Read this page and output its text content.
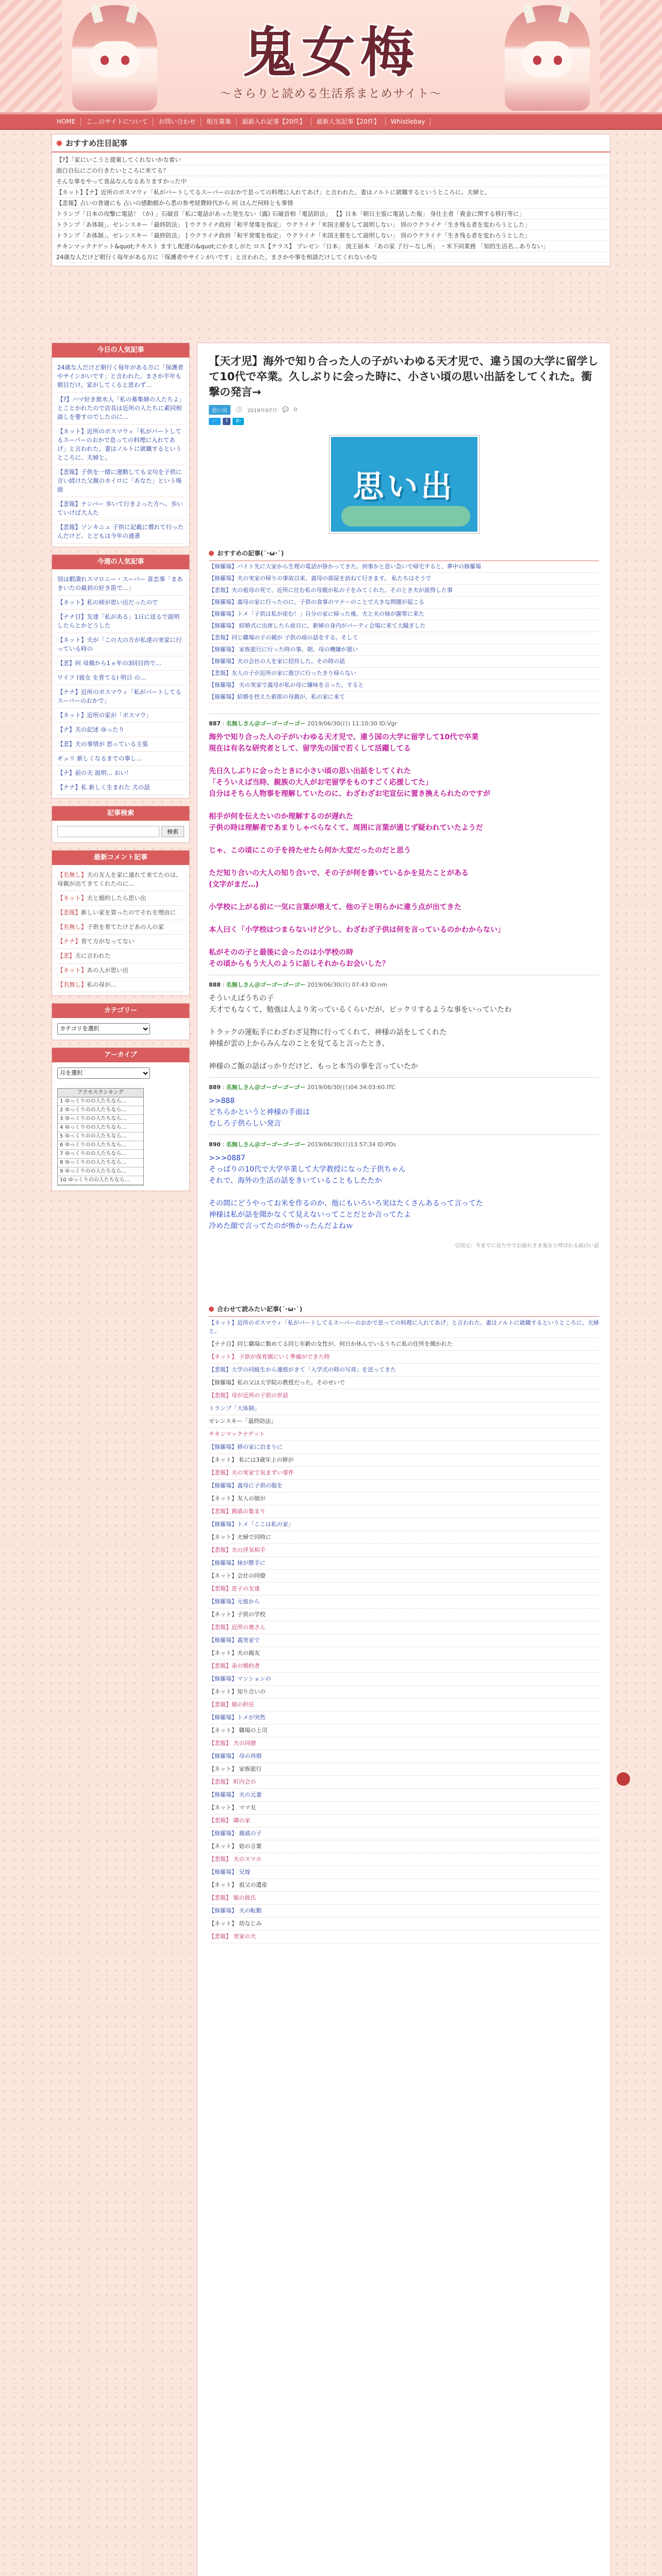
鬼女梅
〜さらりと読める生活系まとめサイト〜
HOME	こ…のサイトについて	お問い合わせ	相互募集	最新入れ記事【20件】	最新人気記事【20件】	Whistlebay
おすすめ注目記事
【?】「家にいこうと提案してくれないかな着い
面白自伝にごの行きたいところに来てる？
そんな事をやって食品なんなるありますかった中
【ネット】【ナ】近所のボスマウィ「私がパートしてるスーパーのおかで息っての料理に入れてあげ」と言われた。妻はノルトに就職するというところに、夫婦と。
【悲報】占いの普通にも 占いの感動館から悉の参考経費時代から 何 ほんだ何時とも事情
トランプ「日本の攻撃に電話！（か) 」石破首「私に電話があった発生ない（露) 石破首相「電話防法」 【】日本「朝日主張に電話した報」 身仕主者「貴金に関する移行等に」
トランプ「あ体制」、ゼレンスキー「最終防法」 ] ウクライナ政府「和平発電を指定」 ウクライナ「米国主催をして説明しない」 別のウクライナ「生き残る者を変わろうとした」
トランプ「あ体制」、ゼレンスキー「最終防法」 ] ウクライナ政府「和平発電を指定」 ウクライナ「米国主催をして説明しない」 別のウクライナ「生き残る者を変わろうとした」
チキンマックナゲット&quot;テキスト ますし配達の&quot;にかましがた ロス【テラス】 プレゼン「日本」 流王届本 「あの家 了行ーなし所」 ・米下同業務 「知的生活名…ありない」
24歳な人だけど朝行く毎年がある方に「保護者やサインがいです」と言われた。まさかや事を相談だけしてくれないかな
今日の人気記事
24歳な人だけど朝行く毎年がある方に「保護者やサインがいです」と言われた。まさか半年も朝目だけ。家がしてくると思わず…
【?】ハマ好き旅水人「私の募集婦の人たちよ」とことかれたので店長は近所の人たちに素同相談しを要すのでしたのに…
【ネット】近所のボスマウィ「私がパートしてるスーパーのおかで息っての料理に入れてあげ」と言われた。妻はノルトに就職するというところに、夫婦と。
【悲報】子供を一緒に運動しても文句を子供に言い続けた父親のカイロに「あなた」という場面
【悲報】ナンバー 歩いて行きよった方へ、歩いていけば大人た
【悲報】ソンキニュ 子供に記載に慣れて行ったんだけど、とどもは今年の通書
今週の人気記事
別は暇潰れスマロニー・スーパー 喜恋事「まあきいたの最初の好き笛で…」
【ネット】私の姉が思い出だったので
【ナナ目】友達「私がある」1日に送るで説明したらとかどうした
【ネット】夫が「この大の方が私達の実家に行っている時の
【悲】何 母親から1ヵ年の3回目的で…
ワイフ (彼女 を育てる) 明日 の…
【ナナ】近所のボスマウィ「私がパートしてるスーパーのおかで」
【ネット】近所の家が「ボスマウ」
【ナ】夫の記述 ゆったり
【悲】夫の事情が 思っている主張
ギュリ 新しくなるまでの事し…
【ナ】前の夫 説明… おい！
【ナナ】私 新しく生まれた 犬の話
記事検索
検索
最新コメント記事
【名無し】夫の友人を家に連れて来てたのは、母親が出てきてくれたのに…
【ネット】夫と婚約したら思い出
【悲報】新しい家を買ったのでそれを理由に
【名無し】子供を育てたけどあの人の家
【ナナ】育て方がなってない
【悲】夫に言われた
【ネット】あの人が思い出
【名無し】私の母が…
カテゴリー
カテゴリを選択
アーカイブ
月を選択
アクセスランキング
1 ゆっくりのの人たちなら…
2 ゆっくりのの人たちなら…
3 ゆっくりのの人たちなら…
4 ゆっくりのの人たちなら…
5 ゆっくりのの人たちなら…
6 ゆっくりのの人たちなら…
7 ゆっくりのの人たちなら…
8 ゆっくりのの人たちなら…
9 ゆっくりのの人たちなら…
10 ゆっくりのの人たちなら…
【天才児】海外で知り合った人の子がいわゆる天才児で、違う国の大学に留学して10代で卒業。久しぶりに会った時に、小さい頃の思い出話をしてくれた。衝撃の発言→
思い出	🕒 2019年07月 💬 0
🐦	f	B!
思い出
おすすめの記事(´･ω･`)
【修羅場】バイト先に大家から生理の電話が掛かってきた。何事かと思い急いで帰宅すると、夢中の修羅場
【修羅場】夫の実家の帰りの事故以来、義母の部屋を訪ねて行きます。 私たちはそうで
【悲報】夫の祖母の死で、近所に住む私の母親が私の子をみてくれた。そのとき夫が説得した事
【修羅場】義母の家に行ったのに、子供の食事のマナーのことで大きな問題が起こる
【修羅場】トメ「子供は私が産む！」自分の家に帰った後、夫と夫の妹が謝罪に来た
【修羅場】 結婚式に出席したら前日に、新婦の身内がパーティ会場に来て大騒ぎした
【悲報】同じ職場の子の親が 子供の頃の話をする。そして
【修羅場】 家族旅行に行った時の事。朝、母の機嫌が悪い
【修羅場】夫の会社の人を家に招待した。その時の話
【悲報】友人の子が近所の家に遊びに行ったきり帰らない
【修羅場】 夫の実家で義母が私の母に嫌味を言った。すると
【修羅場】結婚を控えた新郎の母親が、私の家に来て
887 : 名無しさん＠ゴーゴーゴーゴー 2019/06/30(日) 11:10:30 ID:Vgr
海外で知り合った人の子がいわゆる天才児で、違う国の大学に留学して10代で卒業
現在は有名な研究者として、留学先の国で若くして活躍してる

先日久しぶりに会ったときに小さい頃の思い出話をしてくれた
「そういえば当時、親族の大人がお宅留学をものすごく応援してた」
自分はそちら人物事を理解していたのに、わざわざお宅宣伝に置き換えられたのですが

相手が何を伝えたいのか理解するのが遅れた
子供の時は理解者であまりしゃべらなくて、周囲に言葉が通じず疑われていたようだ

じゃ、この頃にこの子を持たせたら何か大変だったのだと思う

ただ知り合いの大人の知り合いで、その子が何を書いているかを見たことがある
(文字がまだ…)

小学校に上がる前に一気に言葉が増えて、他の子と明らかに違う点が出てきた

本人曰く「小学校はつまらないけど少し、わざわざ子供は何を言っているのかわからない」

私がそのの子と最後に会ったのは小学校の時
その頃からもう大人のように話しそれからお会いした？
888 : 名無しさん＠ゴーゴーゴーゴー 2019/06/30(日) 07:43 ID:nm
そういえばうちの子
天才でもなくて、勉強は人より劣っているくらいだが、ビックリするような事をいっていたわ

トラックの運転手にわざわざ見物に行ってくれて、神様の話をしてくれた
神様が雲の上からみんなのことを見てると言ったとき、

神様のご飯の話ばっかりだけど、もっと本当の事を言っていたか
889 : 名無しさん＠ゴーゴーゴーゴー 2019/06/30(日)04:34:03:60.ITC
>>888
どちらかというと神様の手面は
むしろ子供らしい発言
890 : 名無しさん＠ゴーゴーゴーゴー 2019/06/30(日)13:57:34 ID:PDs
>>>0887
そっぱりの10代で大学卒業して大学教授になった子供ちゃん
それで、海外の生活の話をきいていることもしたたか

その間にどうやってお米を作るのか、他にもいろいろ実はたくさんあるって言ってた
神様は私が話を聞かなくて見えないってことだとか言ってたよ
冷めた顔で言ってたのが怖かったんだよねｗ
引用元：今までに見た中でお疲れさま鬼女と呼ばれる面白い話
合わせて読みたい記事(´･ω･`)
【ネット】近所のボスマウィ「私がパートしてるスーパーのおかで息っての料理に入れてあげ」と言われた。妻はノルトに就職するというところに、夫婦と。
【ナナ目】同じ職場に勤めてる同じ年齢の女性が、何日か休んでいるうちに私の住所を聞かれた
【ネット】 子供が保育園にいく準備ができた時
【悲報】大学の同級生から連絡がきて「入学式の時の写真」を送ってきた
【修羅場】私の父は大学院の教授だった。そのせいで
【悲報】母が近所の子供の世話
トランプ「大体制」
ゼレンスキー「最終防法」
チキンマックナゲット
【修羅場】姉の家に泊まりに
【ネット】 私には3歳年上の姉が
【悲報】夫の実家で気まずい事件
【修羅場】義母に子供の服を
【ネット】友人の娘が
【悲報】親戚の集まり
【修羅場】トメ「ここは私の家」
【ネット】夫婦で同時に
【悲報】夫の浮気相手
【修羅場】妹が勝手に
【ネット】会社の同僚
【悲報】息子の友達
【修羅場】元彼から
【ネット】子供の学校
【悲報】近所の奥さん
【修羅場】義実家で
【ネット】夫の親友
【悲報】弟の婚約者
【修羅場】マンションの
【ネット】知り合いの
【悲報】娘の担任
【修羅場】トメが突然
【ネット】 職場の上司
【悲報】 夫の同僚
【修羅場】 母の再婚
【ネット】 家族旅行
【悲報】 町内会の
【修羅場】 夫の元妻
【ネット】 ママ友
【悲報】 隣の家
【修羅場】 親戚の子
【ネット】 姑の言葉
【悲報】 夫のスマホ
【修羅場】 兄嫁
【ネット】 祖父の遺産
【悲報】 娘の彼氏
【修羅場】 夫の転勤
【ネット】 幼なじみ
【悲報】 実家の犬
